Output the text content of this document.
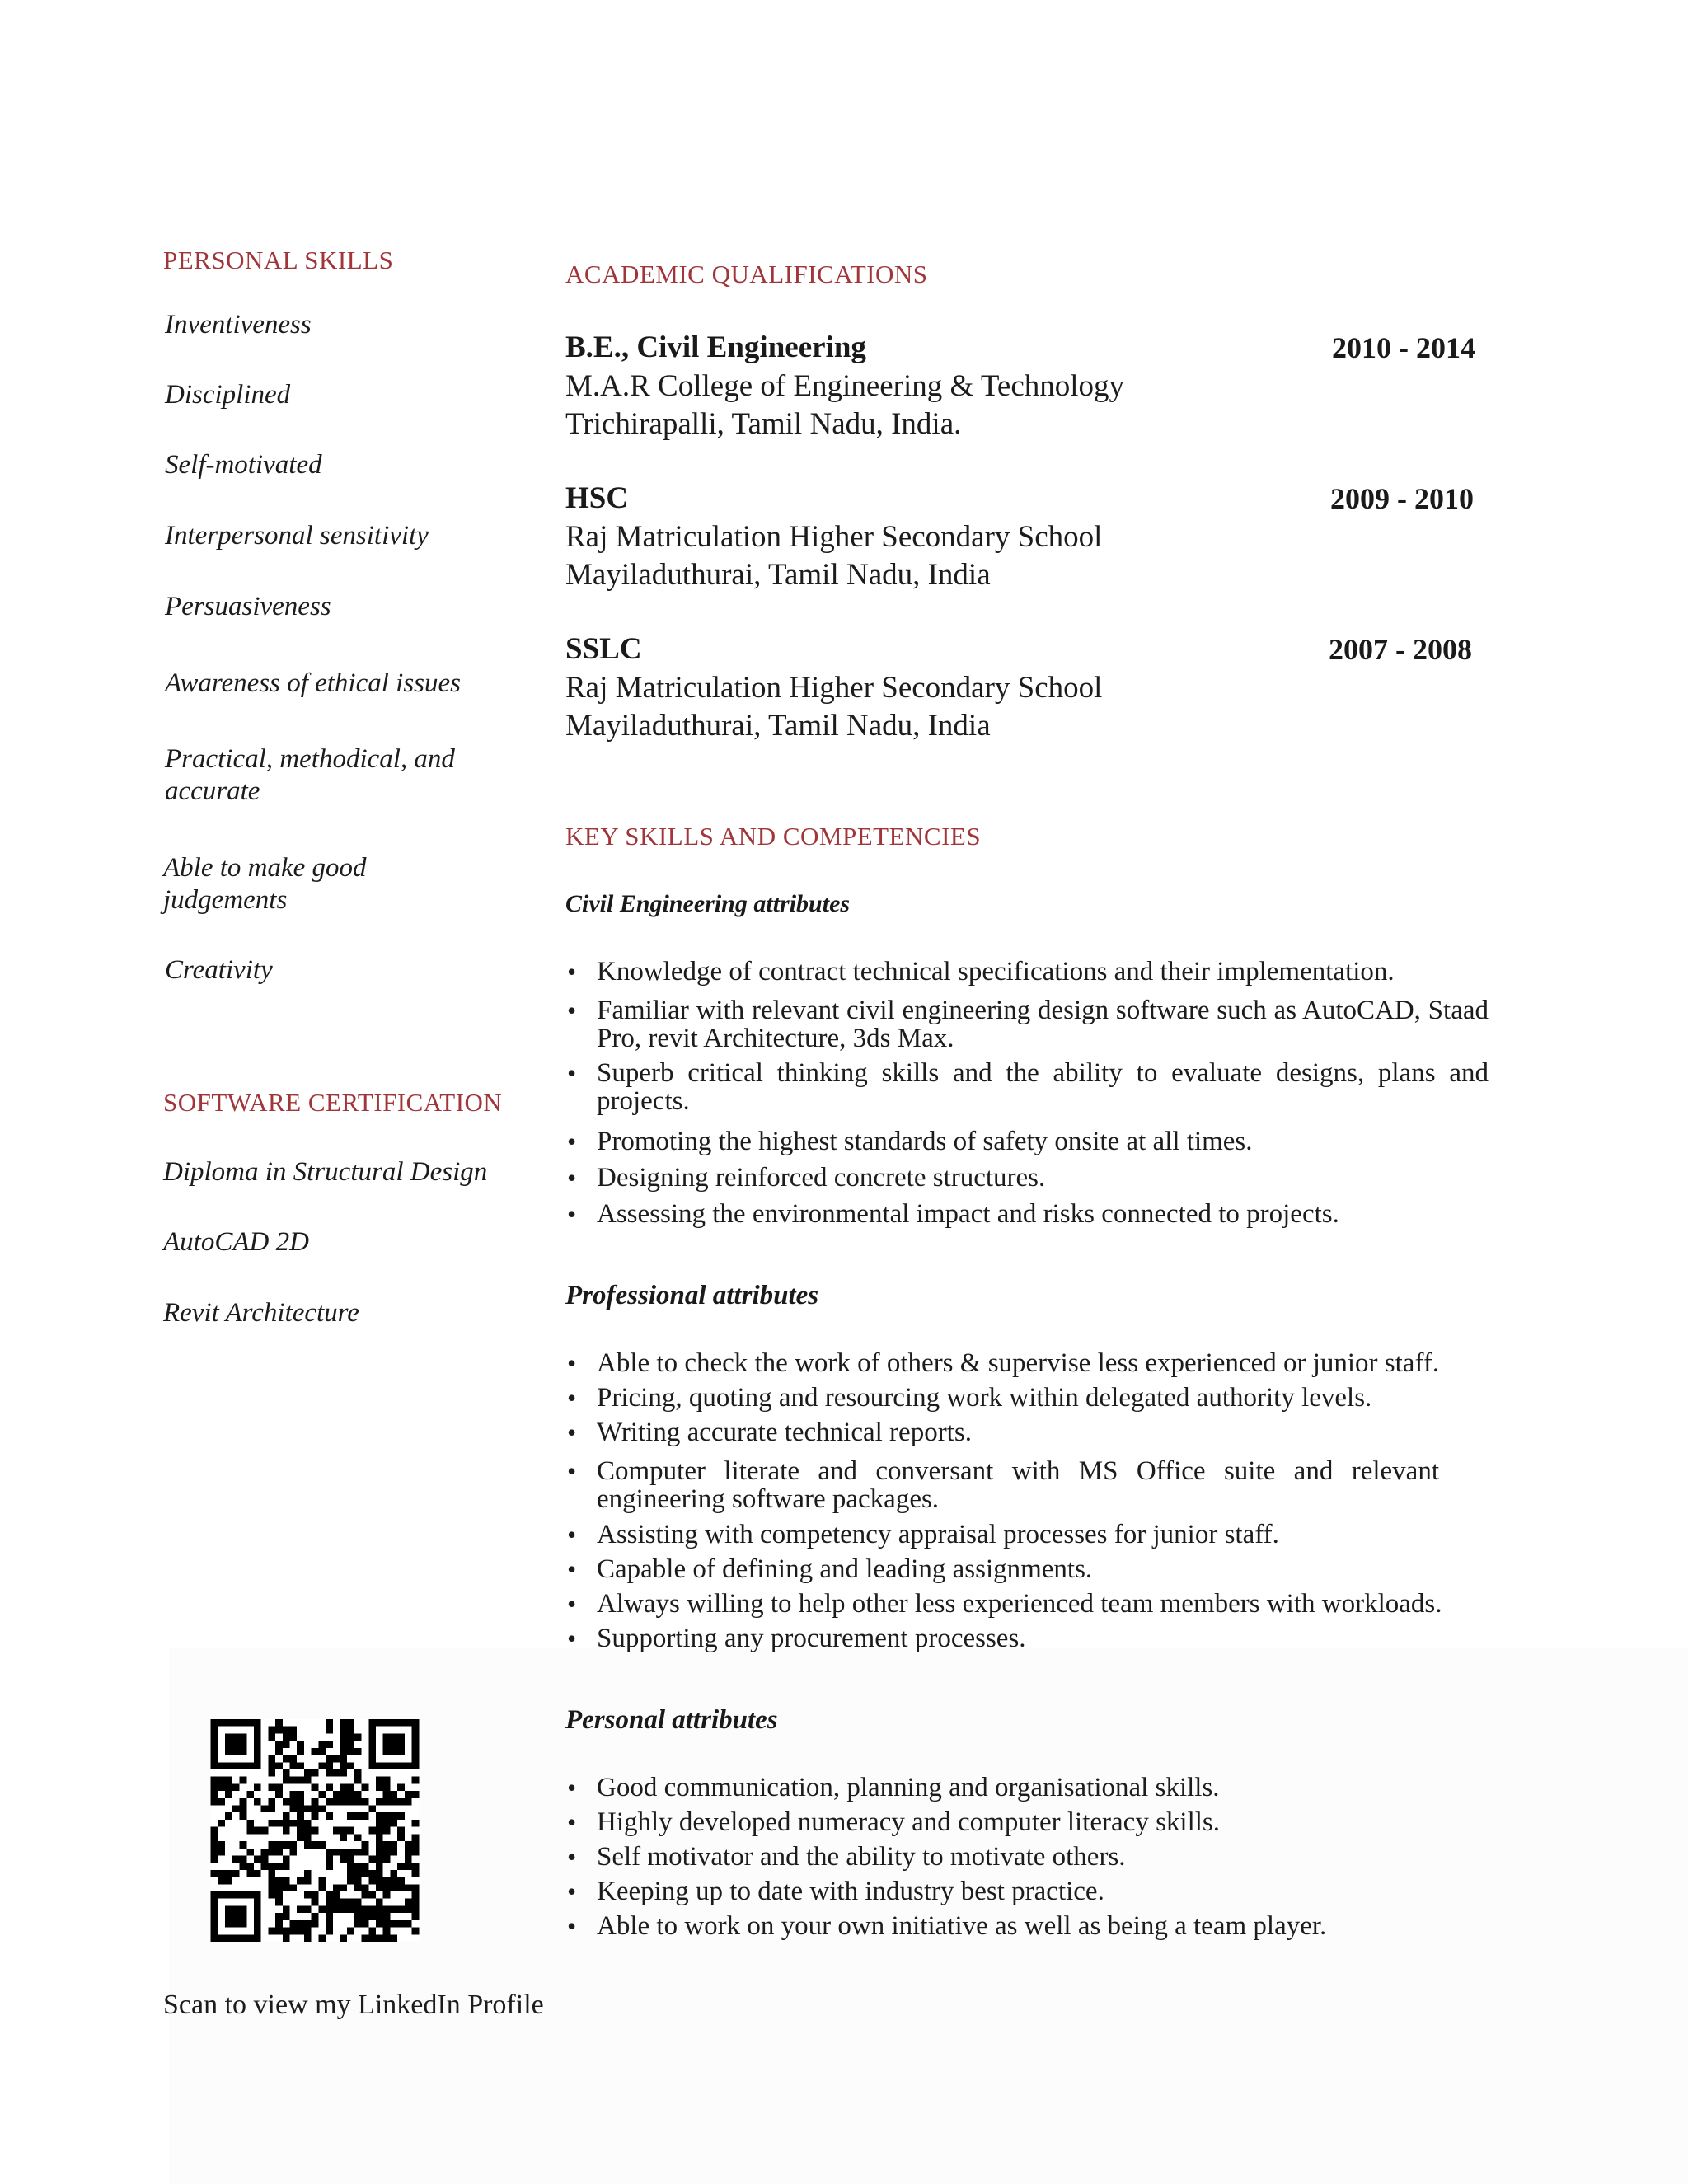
PERSONAL SKILLS

Inventiveness

Disciplined

Self-motivated

Interpersonal sensitivity

Persuasiveness

Awareness of ethical issues

Practical, methodical, and accurate

Able to make good judgements

Creativity

SOFTWARE CERTIFICATION

Diploma in Structural Design

AutoCAD 2D

Revit Architecture

Scan to view my LinkedIn Profile
ACADEMIC QUALIFICATIONS
B.E., Civil Engineering	2010 - 2014
M.A.R College of Engineering & Technology
Trichirapalli, Tamil Nadu, India.
HSC	2009 - 2010
Raj Matriculation Higher Secondary School
Mayiladuthurai, Tamil Nadu, India
SSLC	2007 - 2008
Raj Matriculation Higher Secondary School
Mayiladuthurai, Tamil Nadu, India
KEY SKILLS AND COMPETENCIES
Civil Engineering attributes
• Knowledge of contract technical specifications and their implementation.
• Familiar with relevant civil engineering design software such as AutoCAD, Staad Pro, revit Architecture, 3ds Max.
• Superb critical thinking skills and the ability to evaluate designs, plans and projects.
• Promoting the highest standards of safety onsite at all times.
• Designing reinforced concrete structures.
• Assessing the environmental impact and risks connected to projects.
Professional attributes
• Able to check the work of others & supervise less experienced or junior staff.
• Pricing, quoting and resourcing work within delegated authority levels.
• Writing accurate technical reports.
• Computer literate and conversant with MS Office suite and relevant engineering software packages.
• Assisting with competency appraisal processes for junior staff.
• Capable of defining and leading assignments.
• Always willing to help other less experienced team members with workloads.
• Supporting any procurement processes.
Personal attributes
• Good communication, planning and organisational skills.
• Highly developed numeracy and computer literacy skills.
• Self motivator and the ability to motivate others.
• Keeping up to date with industry best practice.
• Able to work on your own initiative as well as being a team player.
